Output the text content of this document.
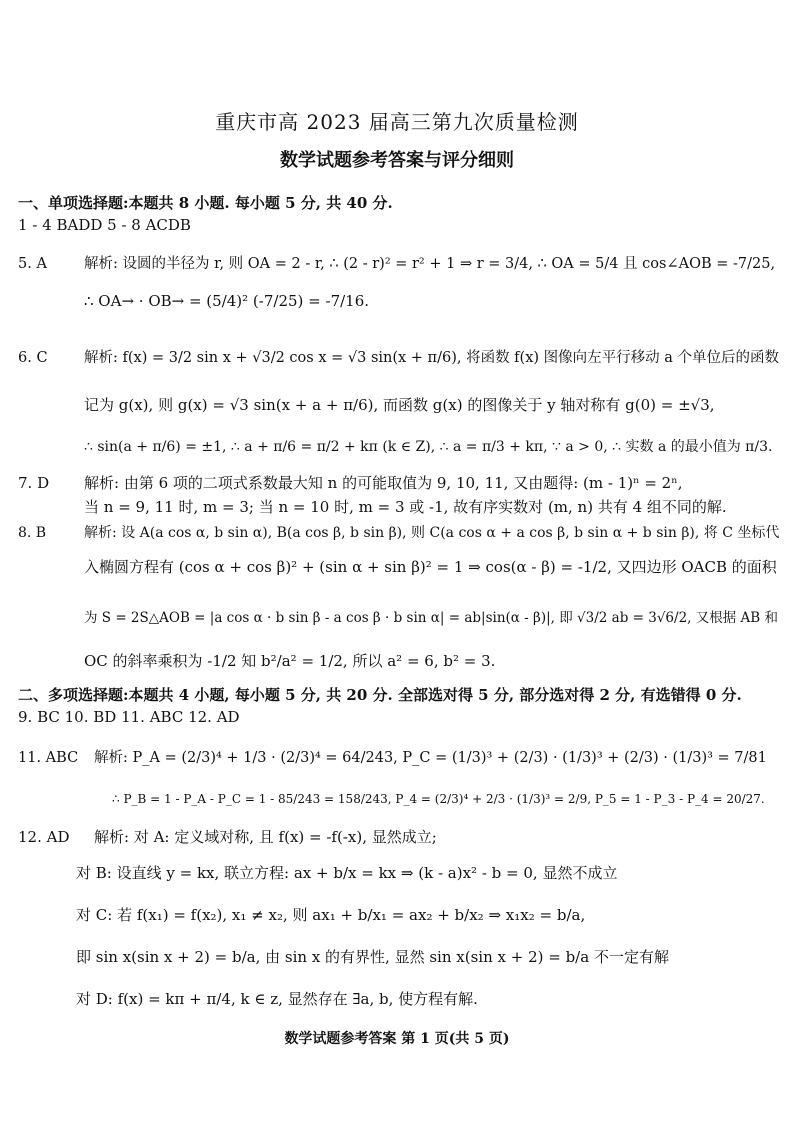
重庆市高 2023 届高三第九次质量检测
数学试题参考答案与评分细则
一、单项选择题:本题共 8 小题. 每小题 5 分, 共 40 分.
1 - 4 BADD 5 - 8 ACDB
5. A	解析: 设圆的半径为 r, 则 OA = 2 - r, ∴ (2 - r)² = r² + 1 ⇒ r = 3/4, ∴ OA = 5/4 且 cos∠AOB = -7/25,
∴ OA→ · OB→ = (5/4)² (-7/25) = -7/16.
6. C	解析: f(x) = 3/2 sin x + √3/2 cos x = √3 sin(x + π/6), 将函数 f(x) 图像向左平行移动 a 个单位后的函数
记为 g(x), 则 g(x) = √3 sin(x + a + π/6), 而函数 g(x) 的图像关于 y 轴对称有 g(0) = ±√3,
∴ sin(a + π/6) = ±1, ∴ a + π/6 = π/2 + kπ (k ∈ Z), ∴ a = π/3 + kπ, ∵ a > 0, ∴ 实数 a 的最小值为 π/3.
7. D 解析: 由第 6 项的二项式系数最大知 n 的可能取值为 9, 10, 11, 又由题得: (m - 1)ⁿ = 2ⁿ,
当 n = 9, 11 时, m = 3; 当 n = 10 时, m = 3 或 -1, 故有序实数对 (m, n) 共有 4 组不同的解.
8. B	解析: 设 A(a cos α, b sin α), B(a cos β, b sin β), 则 C(a cos α + a cos β, b sin α + b sin β), 将 C 坐标代
入椭圆方程有 (cos α + cos β)² + (sin α + sin β)² = 1 ⇒ cos(α - β) = -1/2, 又四边形 OACB 的面积
为 S = 2S△AOB = |a cos α · b sin β - a cos β · b sin α| = ab|sin(α - β)|, 即 √3/2 ab = 3√6/2, 又根据 AB 和
OC 的斜率乘积为 -1/2 知 b²/a² = 1/2, 所以 a² = 6, b² = 3.
二、多项选择题:本题共 4 小题, 每小题 5 分, 共 20 分. 全部选对得 5 分, 部分选对得 2 分, 有选错得 0 分.
9. BC 10. BD 11. ABC 12. AD
11. ABC 解析: P_A = (2/3)⁴ + 1/3 · (2/3)⁴ = 64/243, P_C = (1/3)³ + (2/3) · (1/3)³ + (2/3) · (1/3)³ = 7/81
∴ P_B = 1 - P_A - P_C = 1 - 85/243 = 158/243, P_4 = (2/3)⁴ + 2/3 · (1/3)³ = 2/9, P_5 = 1 - P_3 - P_4 = 20/27.
12. AD 解析: 对 A: 定义域对称, 且 f(x) = -f(-x), 显然成立;
对 B: 设直线 y = kx, 联立方程: ax + b/x = kx ⇒ (k - a)x² - b = 0, 显然不成立
对 C: 若 f(x₁) = f(x₂), x₁ ≠ x₂, 则 ax₁ + b/x₁ = ax₂ + b/x₂ ⇒ x₁x₂ = b/a,
即 sin x(sin x + 2) = b/a, 由 sin x 的有界性, 显然 sin x(sin x + 2) = b/a 不一定有解
对 D: f(x) = kπ + π/4, k ∈ z, 显然存在 ∃a, b, 使方程有解.
数学试题参考答案 第 1 页(共 5 页)
